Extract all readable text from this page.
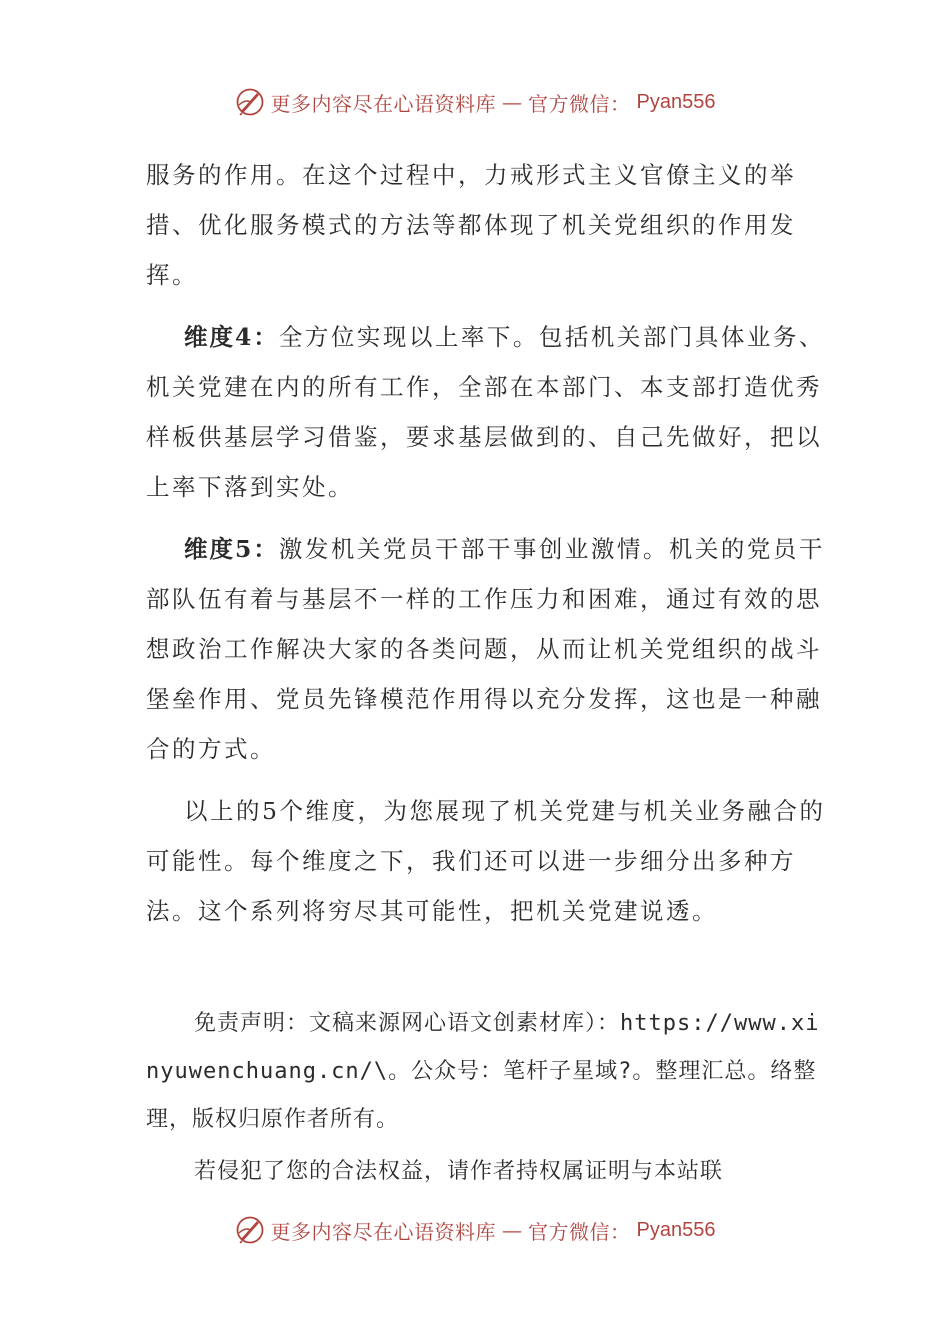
更多内容尽在心语资料库 — 官方微信： Pyan556

服务的作用。在这个过程中，力戒形式主义官僚主义的举措、优化服务模式的方法等都体现了机关党组织的作用发挥。

维度4：全方位实现以上率下。包括机关部门具体业务、机关党建在内的所有工作，全部在本部门、本支部打造优秀样板供基层学习借鉴，要求基层做到的、自己先做好，把以上率下落到实处。

维度5：激发机关党员干部干事创业激情。机关的党员干部队伍有着与基层不一样的工作压力和困难，通过有效的思想政治工作解决大家的各类问题，从而让机关党组织的战斗堡垒作用、党员先锋模范作用得以充分发挥，这也是一种融合的方式。

以上的5个维度，为您展现了机关党建与机关业务融合的可能性。每个维度之下，我们还可以进一步细分出多种方法。这个系列将穷尽其可能性，把机关党建说透。

免责声明：文稿来源网心语文创素材库）：https://www.xinyuwenchuang.cn/\。公众号：笔杆子星域?。整理汇总。络整理，版权归原作者所有。

若侵犯了您的合法权益，请作者持权属证明与本站联

更多内容尽在心语资料库 — 官方微信： Pyan556
